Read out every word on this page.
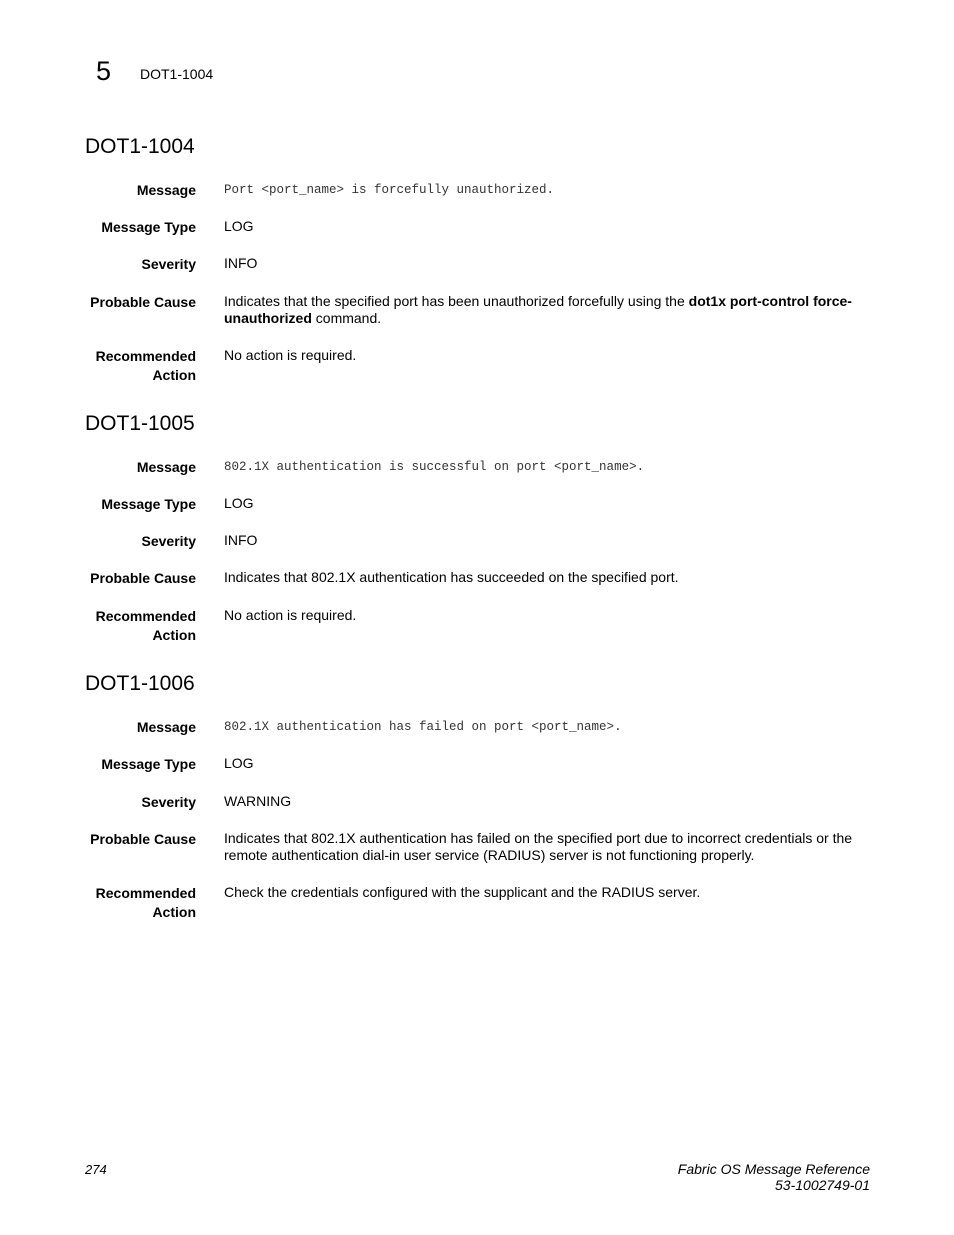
5 DOT1-1004
DOT1-1004
Message Port <port_name> is forcefully unauthorized.
Message Type LOG
Severity INFO
Probable Cause Indicates that the specified port has been unauthorized forcefully using the dot1x port-control force-unauthorized command.
Recommended
Action
No action is required.
DOT1-1005
Message 802.1X authentication is successful on port <port_name>.
Message Type LOG
Severity INFO
Probable Cause Indicates that 802.1X authentication has succeeded on the specified port.
Recommended
Action
No action is required.
DOT1-1006
Message 802.1X authentication has failed on port <port_name>.
Message Type LOG
Severity WARNING
Probable Cause Indicates that 802.1X authentication has failed on the specified port due to incorrect credentials or the remote authentication dial-in user service (RADIUS) server is not functioning properly.
Recommended
Action
Check the credentials configured with the supplicant and the RADIUS server.
274	Fabric OS Message Reference
53-1002749-01
